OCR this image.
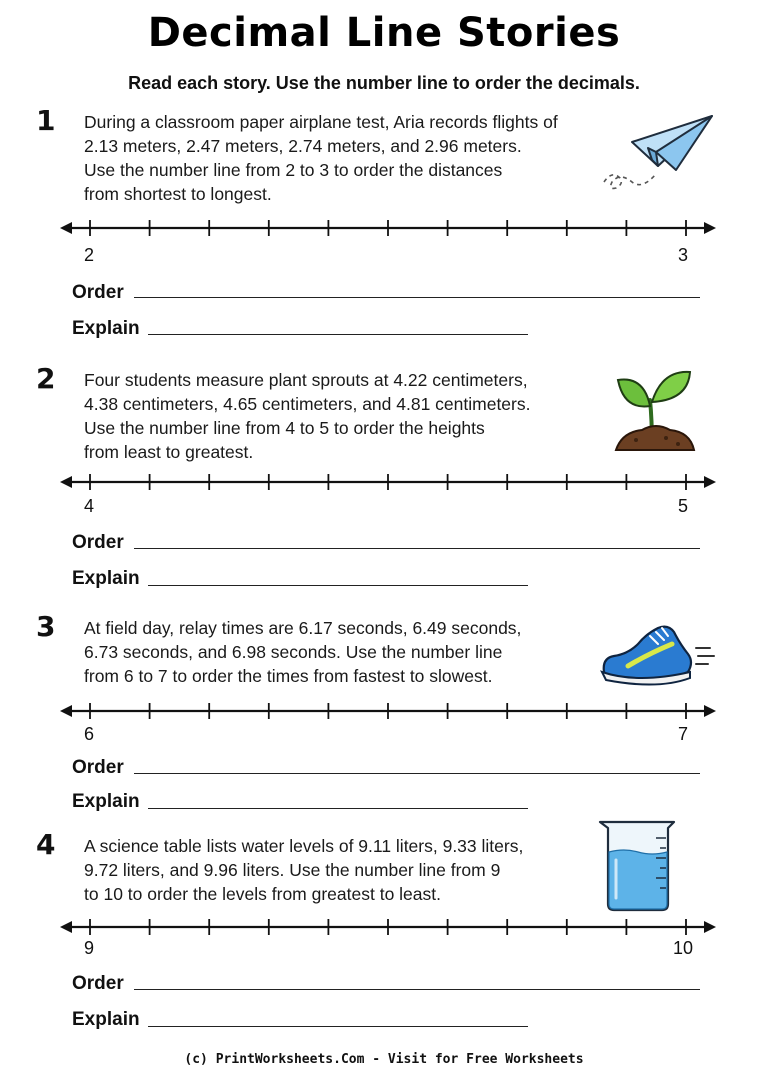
Decimal Line Stories
Read each story. Use the number line to order the decimals.
1 During a classroom paper airplane test, Aria records flights of
2.13 meters, 2.47 meters, 2.74 meters, and 2.96 meters.
Use the number line from 2 to 3 to order the distances
from shortest to longest.
2 Four students measure plant sprouts at 4.22 centimeters,
4.38 centimeters, 4.65 centimeters, and 4.81 centimeters.
Use the number line from 4 to 5 to order the heights
from least to greatest.
3 At field day, relay times are 6.17 seconds, 6.49 seconds,
6.73 seconds, and 6.98 seconds. Use the number line
from 6 to 7 to order the times from fastest to slowest.
4 A science table lists water levels of 9.11 liters, 9.33 liters,
9.72 liters, and 9.96 liters. Use the number line from 9
to 10 to order the levels from greatest to least.
2	3
Order
Explain
4	5
Order
Explain
6	7
Order
Explain
9	10
Order
Explain
(c) PrintWorksheets.Com - Visit for Free Worksheets
